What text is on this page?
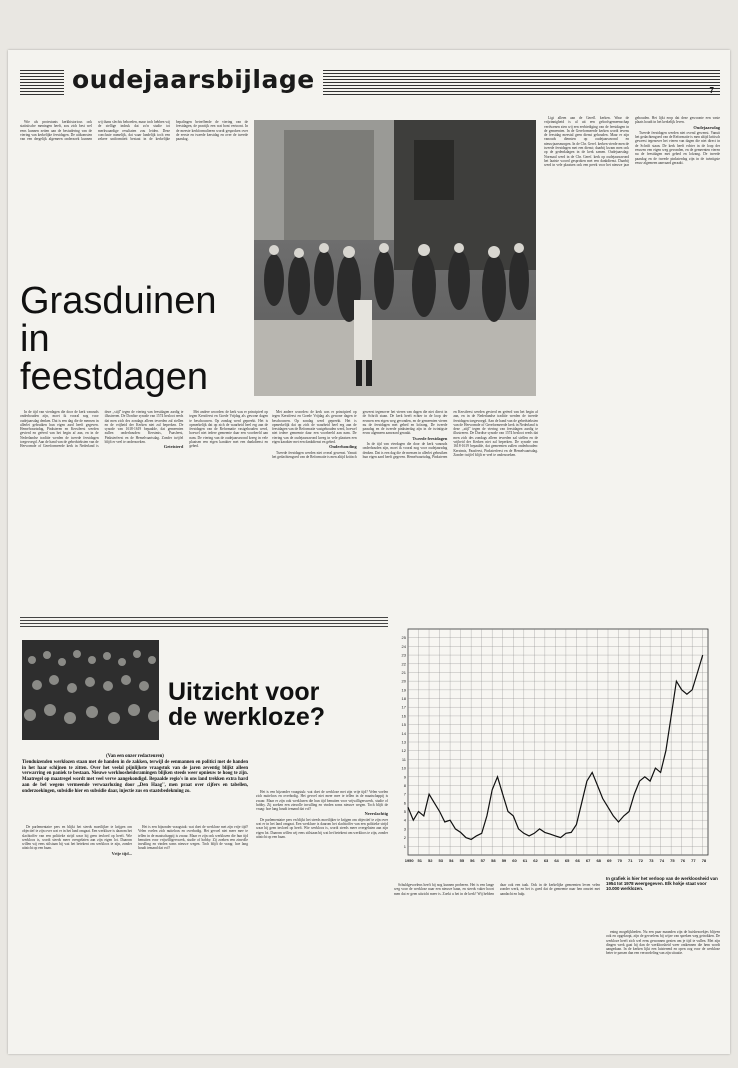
oudejaarsbijlage	7

Wie als protestants kerkhistoricus ook statistische meningen heeft, zou zich best wel eens kunnen zetten aan de bestudering van de viering van kerkelijke feestdagen. De uitkomsten van een dergelijk algemeen onderzoek kunnen wij thans slechts behoeden, maar toch hebben wij de stellige indruk dat zo'n studie tot merkwaardige resultaten zou leiden. Deze conclusie namelijk, dat waar landelijk toch een zekere uniformiteit bestaat in de kerkelijke bepalingen betreffende de viering van de feestdagen, de practijk een wat bont vertoont. In de meeste kerkformulieren wordt gesproken over de eerste en tweede kerstdag en over de tweede paasdag.

Ligt alleen aan de Gerefl. kerken. Waar de vrijzinnigheid is al uit een geloofsgemeenschap verdwenen zien wij een eerbiediging van de feestdagen in de gemeenten. In de Gereformeerde kerken wordt tevens de feestdag meestal geen dienst gehouden. Maar er zijn vanouds diensten op oudejaarsavond en nieuwjaarsmorgen. In de Chr. Geref. kerken vierde men de tweede feestdagen met een dienst; daarbij kwam men ook op de gedenkdagen in de kerk samen. Oudejaarsdag: Normaal werd in de Chr. Geref. kerk op oudejaarsavond het laatste woord gesproken met een dankdienst. Daarbij werd in vele plaatsen ook een preek voor het nieuwe jaar gehouden. Het lijkt erop dat deze gewoonte een vaste plaats houdt in het kerkelijk leven.

Oudejaarsdag

Tweede feestdagen werden niet overal gewenst. Vanuit het gedachtengoed van de Reformatie is men altijd kritisch geweest tegenover het vieren van dagen die niet direct in de Schrift staan. De kerk heeft echter in de loop der eeuwen een eigen weg gevonden, en de gemeenten vieren nu de feestdagen met gebed en lofzang. De tweede paasdag en de tweede pinksterdag zijn in de twintigste eeuw algemeen aanvaard geraakt.

Grasduinen in
feestdagen

In de tijd van vierdagen die door de kerk vanouds onderhouden zijn, moet ik vooral nog voor oudejaarsdag denken. Dat is een dag die de mensen in allerlei gebruiken hun eigen aard heeft gegeven. Hemelvaartsdag, Pinksteren en Kerstfeest werden gevierd en geëerd van het begin af aan, en in de Nederlandse traditie werden de tweede feestdagen toegevoegd. Aan de hand van de gebedsteksten van de Hervormde of Gereformeerde kerk in Nederland is deze ,,stijl'' tegen de viering van feestdagen aardig te illustreren. De Dordtse synode van 1574 besloot reeds dat men zich des zondags alleen tevreden zal stellen en de vrijheid der Kerken niet zal beperken. De synode van 1618-1619 bepaalde, dat gemeenten zullen onderhouden: Kerstmis, Paasfeest, Pinksterfeest en de Hemelvaartsdag. Zonder twijfel blijft er veel te onderzoeken.

Geteisterd

Met andere woorden: de kerk was er principieel op tegen Kerstfeest en Goede Vrijdag als gewone dagen te beschouwen. Op zondag werd gepreekt. Het is opmerkelijk dat op zich de waarheid heel erg aan de feestdagen van de Reformatie vastgehouden werd, hoewel niet iedere gemeente daar een voorbeeld aan nam. De viering van de oudejaarsavond kreeg in vele plaatsen een eigen karakter met een dankdienst en gebed.

Met andere woorden: de kerk was er principieel op tegen Kerstfeest en Goede Vrijdag als gewone dagen te beschouwen. Op zondag werd gepreekt. Het is opmerkelijk dat op zich de waarheid heel erg aan de feestdagen van de Reformatie vastgehouden werd, hoewel niet iedere gemeente daar een voorbeeld aan nam. De viering van de oudejaarsavond kreeg in vele plaatsen een eigen karakter met een dankdienst en gebed.

Onderhouding

Tweede feestdagen werden niet overal gewenst. Vanuit het gedachtengoed van de Reformatie is men altijd kritisch geweest tegenover het vieren van dagen die niet direct in de Schrift staan. De kerk heeft echter in de loop der eeuwen een eigen weg gevonden, en de gemeenten vieren nu de feestdagen met gebed en lofzang. De tweede paasdag en de tweede pinksterdag zijn in de twintigste eeuw algemeen aanvaard geraakt.

Tweede feestdagen

In de tijd van vierdagen die door de kerk vanouds onderhouden zijn, moet ik vooral nog voor oudejaarsdag denken. Dat is een dag die de mensen in allerlei gebruiken hun eigen aard heeft gegeven. Hemelvaartsdag, Pinksteren en Kerstfeest werden gevierd en geëerd van het begin af aan, en in de Nederlandse traditie werden de tweede feestdagen toegevoegd. Aan de hand van de gebedsteksten van de Hervormde of Gereformeerde kerk in Nederland is deze ,,stijl'' tegen de viering van feestdagen aardig te illustreren. De Dordtse synode van 1574 besloot reeds dat men zich des zondags alleen tevreden zal stellen en de vrijheid der Kerken niet zal beperken. De synode van 1618-1619 bepaalde, dat gemeenten zullen onderhouden: Kerstmis, Paasfeest, Pinksterfeest en de Hemelvaartsdag. Zonder twijfel blijft er veel te onderzoeken.

Uitzicht voor
de werkloze?
(Van een onzer redacteuren)
Tienduizenden werklozen staan met de handen in de zakken, terwijl de eenmannen en politici met de handen in het haar schijnen te zitten. Over het veelal pijnlijkste vraagstuk van de jaren zeventig blijkt alleen verwarring en paniek te bestaan. Nieuwe werkloosheidsramingen blijken steeds weer opnieuw te hoog te zijn. Maatregel op maatregel wordt met veel verve aangekondigd. Bepaalde regio's in ons land trekken extra hard aan de bel wegens vermeende verwaarlozing door ,,Den Haag'', men praat over cijfers en tabellen, onderzoekingen, subsidie hier en subsidie daar, injectie zus en staatsbedekming zo.

De parlementaire pers en blijkt het steeds moeilijker te krijgen om objectief te zijn over wat er in het land omgaat. Een werkloze is daarom het slachtoffer van een politieke strijd waar hij geen invloed op heeft. Wie werkloos is, wordt steeds meer overgelaten aan zijn eigen lot. Daarom willen wij eens stilstaan bij wat het betekent om werkloos te zijn, zonder uitzicht op een baan.

Vrije tijd...

Het is een bijzonder vraagstuk: wat doet de werkloze met zijn vrije tijd? Velen voelen zich nutteloos en overbodig. Het gevoel niet meer mee te tellen in de maatschappij is zwaar. Maar er zijn ook werklozen die hun tijd benutten voor vrijwilligerswerk, studie of hobby. Zij zoeken een zinvolle invulling en vinden soms nieuwe wegen. Toch blijft de vraag: hoe lang houdt iemand dat vol?

Het is een bijzonder vraagstuk: wat doet de werkloze met zijn vrije tijd? Velen voelen zich nutteloos en overbodig. Het gevoel niet meer mee te tellen in de maatschappij is zwaar. Maar er zijn ook werklozen die hun tijd benutten voor vrijwilligerswerk, studie of hobby. Zij zoeken een zinvolle invulling en vinden soms nieuwe wegen. Toch blijft de vraag: hoe lang houdt iemand dat vol?

Neerslachtig

De parlementaire pers en blijkt het steeds moeilijker te krijgen om objectief te zijn over wat er in het land omgaat. Een werkloze is daarom het slachtoffer van een politieke strijd waar hij geen invloed op heeft. Wie werkloos is, wordt steeds meer overgelaten aan zijn eigen lot. Daarom willen wij eens stilstaan bij wat het betekent om werkloos te zijn, zonder uitzicht op een baan.

Schuldgevoelens heeft hij nog kunnen proberen. Het is een lange weg voor de werkloze naar een nieuwe baan, en steeds vaker hoort men dat er geen uitzicht meer is. Zoekt u het in de kerk? Wij hebben daar ook een taak. Ook in de kerkelijke gemeenten leven velen zonder werk, en het is goed dat de gemeente naar hen omziet met aandacht en hulp.

ening mogelijkheden. Nu een paar maanden zijn de huisbezoekjes blijven ook en opgekropt, zijn de gevoelens bij wijze van spreken weg getrokken. De werkloze heeft zich wel eens gewonnen gezien om je tijd te vullen. Met zijn dingen werk gaat hij dan de werkloosheid weer ontkennen die hem wordt aangedaan. In de kerken lijkt een luisterend en open oog voor de werkloze beter te passen dan een veroordeling van zijn situatie.

1
2
3
4
5
6
7
8
9
10
11
12
13
14
15
16
17
18
19
20
21
22
23
24
25
1950 51 52 53 54 55 56 57 58 59 60 61 62 63 64 65 66 67 68 69 70 71 72 73 74 75 76 77 78
In grafiek is hier het verloop van de werkloosheid van 1954 tot 1978 weergegeven. Elk hokje staat voor 10.000 werklozen.
